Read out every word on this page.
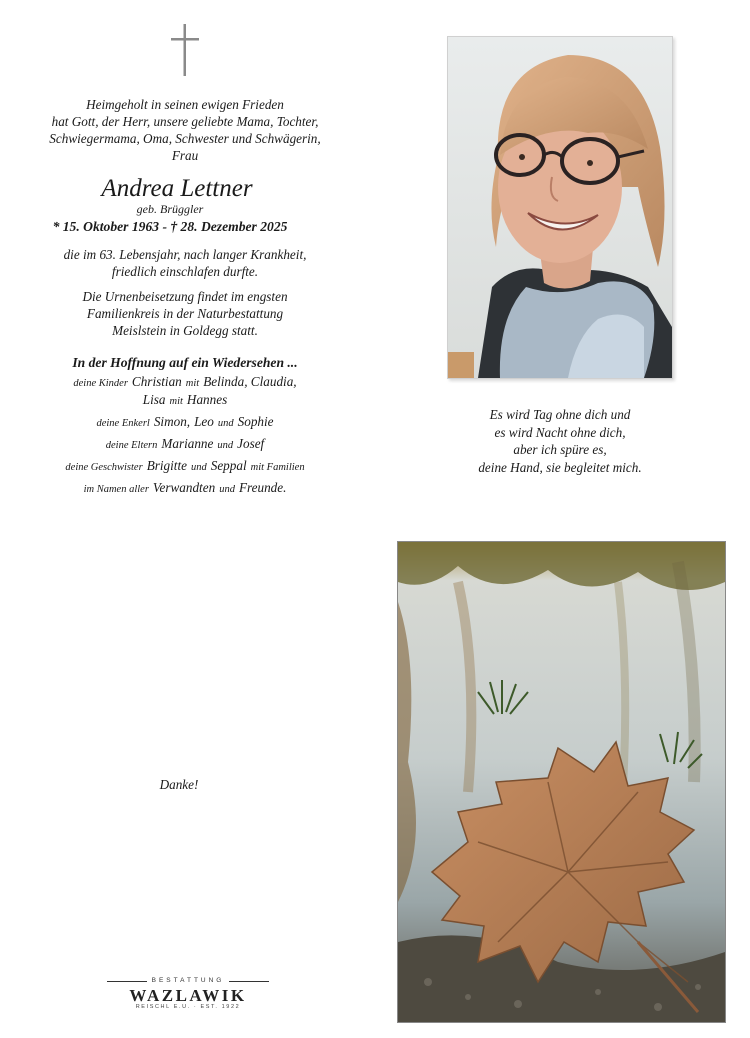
Heimgeholt in seinen ewigen Frieden
hat Gott, der Herr, unsere geliebte Mama, Tochter,
Schwiegermama, Oma, Schwester und Schwägerin,
Frau
Andrea Lettner
geb. Brüggler
* 15. Oktober 1963 - † 28. Dezember 2025
die im 63. Lebensjahr, nach langer Krankheit,
friedlich einschlafen durfte.
Die Urnenbeisetzung findet im engsten
Familienkreis in der Naturbestattung
Meislstein in Goldegg statt.
In der Hoffnung auf ein Wiedersehen ...
deine Kinder Christian mit Belinda, Claudia,
Lisa mit Hannes
deine Enkerl Simon, Leo und Sophie
deine Eltern Marianne und Josef
deine Geschwister Brigitte und Seppal mit Familien
im Namen aller Verwandten und Freunde.
Es wird Tag ohne dich und
es wird Nacht ohne dich,
aber ich spüre es,
deine Hand, sie begleitet mich.
Danke!
BESTATTUNG
WAZLAWIK
REISCHL E.U. · EST. 1922
